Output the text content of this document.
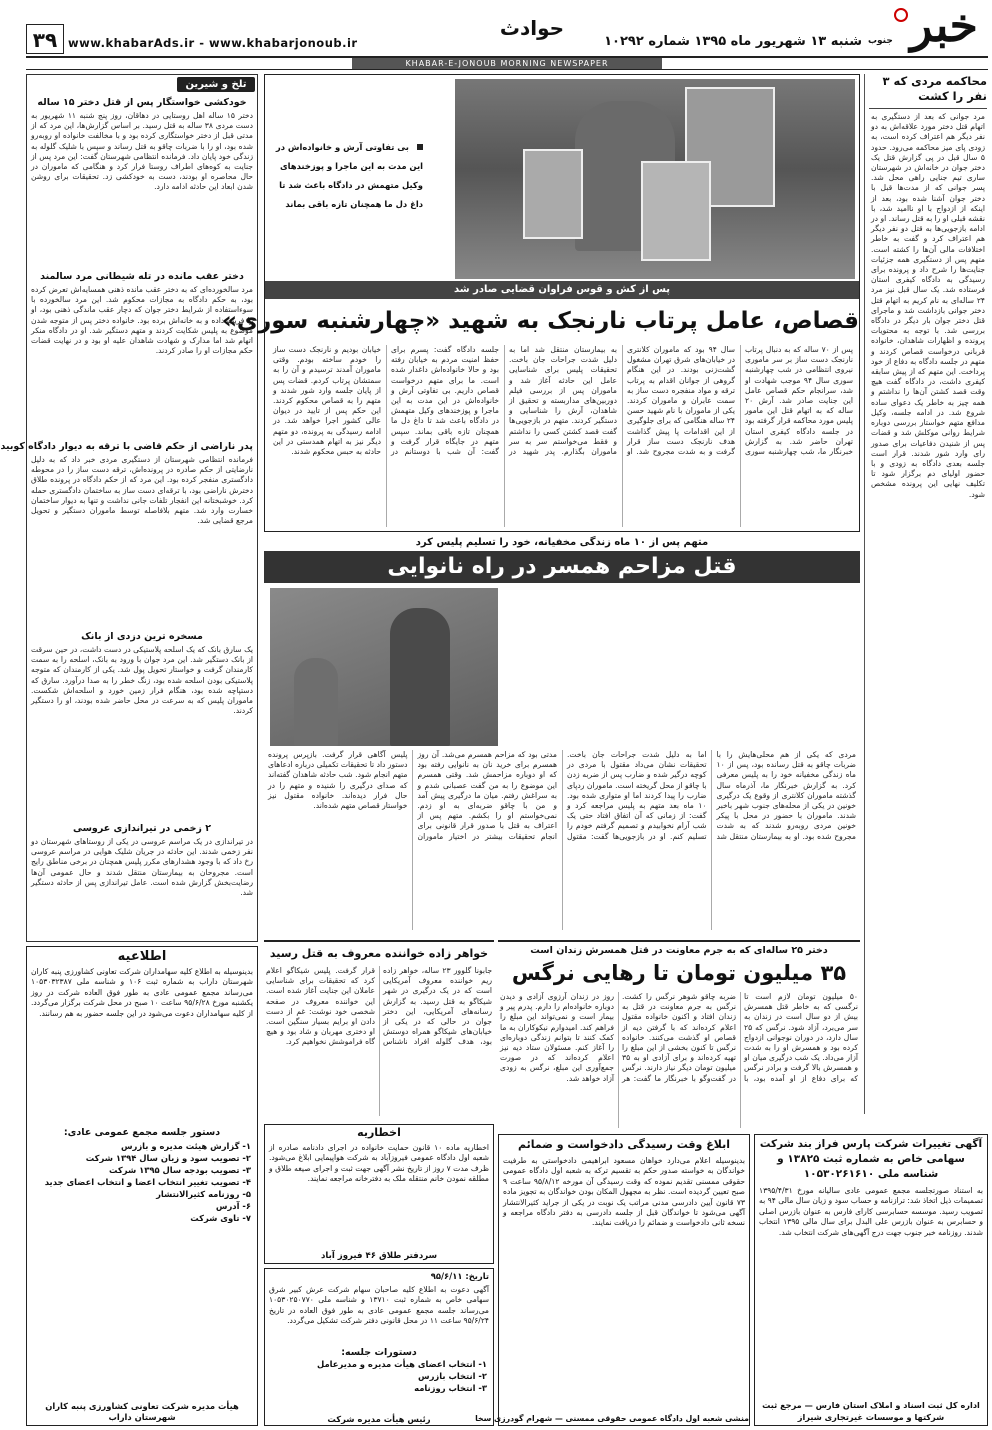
خبر
جنوب
شنبه ۱۳ شهریور ماه ۱۳۹۵ شماره ۱۰۲۹۲
حوادث
www.khabarAds.ir - www.khabarjonoub.ir
۳۹
KHABAR-E-JONOUB MORNING NEWSPAPER
محاکمه مردی که ۳ نفر را کشت
مرد جوانی که بعد از دستگیری به اتهام قتل دختر مورد علاقه‌اش به دو نفر دیگر هم اعتراف کرده است، به زودی پای میز محاکمه می‌رود. حدود ۵ سال قبل در پی گزارش قتل یک دختر جوان در خانه‌اش در شهرستان ساری تیم جنایی راهی محل شد. پسر جوانی که از مدت‌ها قبل با دختر جوان آشنا شده بود، بعد از اینکه از ازدواج با او ناامید شد، با نقشه قبلی او را به قتل رساند. او در ادامه بازجویی‌ها به قتل دو نفر دیگر هم اعتراف کرد و گفت به خاطر اختلافات مالی آن‌ها را کشته است. متهم پس از دستگیری همه جزئیات جنایت‌ها را شرح داد و پرونده برای رسیدگی به دادگاه کیفری استان فرستاده شد. یک سال قبل نیز مرد ۲۴ ساله‌ای به نام کریم به اتهام قتل دختر جوانی بازداشت شد و ماجرای قتل دختر جوان بار دیگر در دادگاه بررسی شد. با توجه به محتویات پرونده و اظهارات شاهدان، خانواده قربانی درخواست قصاص کردند و متهم در جلسه دادگاه به دفاع از خود پرداخت. این متهم که از پیش سابقه کیفری داشت، در دادگاه گفت هیچ وقت قصد کشتن آن‌ها را نداشتم و همه چیز به خاطر یک دعوای ساده شروع شد. در ادامه جلسه، وکیل مدافع متهم خواستار بررسی دوباره شرایط روانی موکلش شد و قضات پس از شنیدن دفاعیات برای صدور رای وارد شور شدند. قرار است جلسه بعدی دادگاه به زودی و با حضور اولیای دم برگزار شود تا تکلیف نهایی این پرونده مشخص شود.
تلخ و شیرین
خودکشی خواستگار پس از قتل دختر ۱۵ ساله
دختر ۱۵ ساله اهل روستایی در دهاقان، روز پنج شنبه ۱۱ شهریور به دست مردی ۳۸ ساله به قتل رسید. بر اساس گزارش‌ها، این مرد که از مدتی قبل از دختر خواستگاری کرده بود و با مخالفت خانواده او روبه‌رو شده بود، او را با ضربات چاقو به قتل رساند و سپس با شلیک گلوله به زندگی خود پایان داد. فرمانده انتظامی شهرستان گفت: این مرد پس از جنایت به کوه‌های اطراف روستا فرار کرد و هنگامی که ماموران در حال محاصره او بودند، دست به خودکشی زد. تحقیقات برای روشن شدن ابعاد این حادثه ادامه دارد.
دختر عقب مانده در تله شیطانی مرد سالمند
مرد سالخورده‌ای که به دختر عقب مانده ذهنی همسایه‌اش تعرض کرده بود، به حکم دادگاه به مجازات محکوم شد. این مرد سالخورده با سوءاستفاده از شرایط دختر جوان که دچار عقب ماندگی ذهنی بود، او را فریب داده و به خانه‌اش برده بود. خانواده دختر پس از متوجه شدن موضوع به پلیس شکایت کردند و متهم دستگیر شد. او در دادگاه منکر اتهام شد اما مدارک و شهادت شاهدان علیه او بود و در نهایت قضات حکم مجازات او را صادر کردند.
پدر ناراضی از حکم قاضی با ترقه به دیوار دادگاه کوبید
فرمانده انتظامی شهرستان از دستگیری مردی خبر داد که به دلیل نارضایتی از حکم صادره در پرونده‌اش، ترقه دست ساز را در محوطه دادگستری منفجر کرده بود. این مرد که از حکم دادگاه در پرونده طلاق دخترش ناراضی بود، با ترقه‌ای دست ساز به ساختمان دادگستری حمله کرد. خوشبختانه این انفجار تلفات جانی نداشت و تنها به دیوار ساختمان خسارت وارد شد. متهم بلافاصله توسط ماموران دستگیر و تحویل مرجع قضایی شد.
مسخره ترین دزدی از بانک
یک سارق بانک که یک اسلحه پلاستیکی در دست داشت، در حین سرقت از بانک دستگیر شد. این مرد جوان با ورود به بانک، اسلحه را به سمت کارمندان گرفت و خواستار تحویل پول شد. یکی از کارمندان که متوجه پلاستیکی بودن اسلحه شده بود، زنگ خطر را به صدا درآورد. سارق که دستپاچه شده بود، هنگام فرار زمین خورد و اسلحه‌اش شکست. ماموران پلیس که به سرعت در محل حاضر شده بودند، او را دستگیر کردند.
۲ زخمی در تیراندازی عروسی
در تیراندازی در یک مراسم عروسی در یکی از روستاهای شهرستان دو نفر زخمی شدند. این حادثه در جریان شلیک هوایی در مراسم عروسی رخ داد که با وجود هشدارهای مکرر پلیس همچنان در برخی مناطق رایج است. مجروحان به بیمارستان منتقل شدند و حال عمومی آن‌ها رضایت‌بخش گزارش شده است. عامل تیراندازی پس از حادثه دستگیر شد.
بی تفاوتی آرش و خانواده‌اش در این مدت به این ماجرا و پوزخندهای وکیل متهمش در دادگاه باعث شد تا داغ دل ما همچنان تازه باقی بماند
پس از کش و قوس فراوان قضایی صادر شد
قصاص، عامل پرتاب نارنجک به شهید «چهارشنبه سوری»
پس از ۷۰ ساله که به دنبال پرتاب نارنجک دست ساز بر سر ماموری نیروی انتظامی در شب چهارشنبه سوری سال ۹۴ موجب شهادت او شد، سرانجام حکم قصاص عامل این جنایت صادر شد. آرش ۲۰ ساله که به اتهام قتل این مامور پلیس مورد محاکمه قرار گرفته بود در جلسه دادگاه کیفری استان تهران حاضر شد. به گزارش خبرنگار ما، شب چهارشنبه سوری سال ۹۴ بود که ماموران کلانتری در خیابان‌های شرق تهران مشغول گشت‌زنی بودند. در این هنگام گروهی از جوانان اقدام به پرتاب ترقه و مواد منفجره دست ساز به سمت عابران و ماموران کردند. یکی از ماموران با نام شهید حسن ۲۴ ساله هنگامی که برای جلوگیری از این اقدامات پا پیش گذاشت هدف نارنجک دست ساز قرار گرفت و به شدت مجروح شد. او به بیمارستان منتقل شد اما به دلیل شدت جراحات جان باخت. تحقیقات پلیس برای شناسایی عامل این حادثه آغاز شد و ماموران پس از بررسی فیلم دوربین‌های مداربسته و تحقیق از شاهدان، آرش را شناسایی و دستگیر کردند. متهم در بازجویی‌ها گفت قصد کشتن کسی را نداشتم و فقط می‌خواستم سر به سر ماموران بگذارم. پدر شهید در جلسه دادگاه گفت: پسرم برای حفظ امنیت مردم به خیابان رفته بود و حالا خانواده‌اش داغدار شده است. ما برای متهم درخواست قصاص داریم. بی تفاوتی آرش و خانواده‌اش در این مدت به این ماجرا و پوزخندهای وکیل متهمش در دادگاه باعث شد تا داغ دل ما همچنان تازه باقی بماند. سپس متهم در جایگاه قرار گرفت و گفت: آن شب با دوستانم در خیابان بودیم و نارنجک دست ساز را خودم ساخته بودم. وقتی ماموران آمدند ترسیدم و آن را به سمتشان پرتاب کردم. قضات پس از پایان جلسه وارد شور شدند و متهم را به قصاص محکوم کردند. این حکم پس از تایید در دیوان عالی کشور اجرا خواهد شد. در ادامه رسیدگی به پرونده، دو متهم دیگر نیز به اتهام همدستی در این حادثه به حبس محکوم شدند.
متهم پس از ۱۰ ماه زندگی مخفیانه، خود را تسلیم پلیس کرد
قتل مزاحم همسر در راه نانوایی
مردی که یکی از هم محلی‌هایش را با ضربات چاقو به قتل رسانده بود، پس از ۱۰ ماه زندگی مخفیانه خود را به پلیس معرفی کرد. به گزارش خبرنگار ما، آذرماه سال گذشته ماموران کلانتری از وقوع یک درگیری خونین در یکی از محله‌های جنوب شهر باخبر شدند. ماموران با حضور در محل با پیکر خونین مردی روبه‌رو شدند که به شدت مجروح شده بود. او به بیمارستان منتقل شد اما به دلیل شدت جراحات جان باخت. تحقیقات نشان می‌داد مقتول با مردی در کوچه درگیر شده و ضارب پس از ضربه زدن با چاقو از محل گریخته است. ماموران ردپای ضارب را پیدا کردند اما او متواری شده بود. ۱۰ ماه بعد متهم به پلیس مراجعه کرد و گفت: از زمانی که آن اتفاق افتاد حتی یک شب آرام نخوابیدم و تصمیم گرفتم خودم را تسلیم کنم. او در بازجویی‌ها گفت: مقتول مدتی بود که مزاحم همسرم می‌شد. آن روز همسرم برای خرید نان به نانوایی رفته بود که او دوباره مزاحمش شد. وقتی همسرم این موضوع را به من گفت عصبانی شدم و به سراغش رفتم. میان ما درگیری پیش آمد و من با چاقو ضربه‌ای به او زدم. نمی‌خواستم او را بکشم. متهم پس از اعتراف به قتل با صدور قرار قانونی برای انجام تحقیقات بیشتر در اختیار ماموران پلیس آگاهی قرار گرفت. بازپرس پرونده دستور داد تا تحقیقات تکمیلی درباره ادعاهای متهم انجام شود. شب حادثه شاهدان گفته‌اند که صدای درگیری را شنیده و متهم را در حال فرار دیده‌اند. خانواده مقتول نیز خواستار قصاص متهم شده‌اند.
دختر ۲۵ ساله‌ای که به جرم معاونت در قتل همسرش زندان است
۳۵ میلیون تومان تا رهایی نرگس
۵۰ میلیون تومان لازم است تا نرگسی که به خاطر قتل همسرش بیش از دو سال است در زندان به سر می‌برد، آزاد شود. نرگس که ۲۵ سال دارد، در دوران نوجوانی ازدواج کرده بود و همسرش او را به شدت آزار می‌داد. یک شب درگیری میان او و همسرش بالا گرفت و برادر نرگس که برای دفاع از او آمده بود، با ضربه چاقو شوهر نرگس را کشت. نرگس به جرم معاونت در قتل به زندان افتاد و اکنون خانواده مقتول اعلام کرده‌اند که با گرفتن دیه از قصاص او گذشت می‌کنند. خانواده نرگس تا کنون بخشی از این مبلغ را تهیه کرده‌اند و برای آزادی او به ۳۵ میلیون تومان دیگر نیاز دارند. نرگس در گفت‌وگو با خبرنگار ما گفت: هر روز در زندان آرزوی آزادی و دیدن دوباره خانواده‌ام را دارم. پدرم پیر و بیمار است و نمی‌تواند این مبلغ را فراهم کند. امیدوارم نیکوکاران به ما کمک کنند تا بتوانم زندگی دوباره‌ای را آغاز کنم. مسئولان ستاد دیه نیز اعلام کرده‌اند که در صورت جمع‌آوری این مبلغ، نرگس به زودی آزاد خواهد شد.
خواهر زاده خواننده معروف به قتل رسید
جابونا گلوور ۲۳ ساله، خواهر زاده ریم خواننده معروف آمریکایی است که در یک درگیری در شهر شیکاگو به قتل رسید. به گزارش رسانه‌های آمریکایی، این دختر جوان در حالی که در یکی از خیابان‌های شیکاگو همراه دوستش بود، هدف گلوله افراد ناشناس قرار گرفت. پلیس شیکاگو اعلام کرد که تحقیقات برای شناسایی عاملان این جنایت آغاز شده است. این خواننده معروف در صفحه شخصی خود نوشت: غم از دست دادن او برایم بسیار سنگین است. او دختری مهربان و شاد بود و هیچ گاه فراموشش نخواهیم کرد.
اطلاعیه
بدینوسیله به اطلاع کلیه سهامداران شرکت تعاونی کشاورزی پنبه کاران شهرستان داراب به شماره ثبت ۱۰۶ و شناسه ملی ۱۰۵۳۰۳۲۳۸۷ می‌رساند مجمع عمومی عادی به طور فوق العاده شرکت در روز یکشنبه مورخ ۹۵/۶/۲۸ ساعت ۱۰ صبح در محل شرکت برگزار می‌گردد. از کلیه سهامداران دعوت می‌شود در این جلسه حضور به هم رسانند.
دستور جلسه مجمع عمومی عادی:
۱- گزارش هیئت مدیره و بازرس
۲- تصویب سود و زیان سال ۱۳۹۴ شرکت
۳- تصویب بودجه سال ۱۳۹۵ شرکت
۴- تصویب تغییر انتخاب اعضا و انتخاب اعضای جدید
۵- روزنامه کثیرالانتشار
۶- آدرس
۷- تاوی شرکت
هیأت مدیره شرکت تعاونی کشاورزی پنبه کاران شهرستان داراب
اخطاریه
اخطاریه ماده ۱۰ قانون حمایت خانواده در اجرای دادنامه صادره از شعبه اول دادگاه عمومی فیروزآباد به شرکت هواپیمایی ابلاغ می‌شود. ظرف مدت ۷ روز از تاریخ نشر آگهی جهت ثبت و اجرای صیغه طلاق و مطلقه نمودن خانم منتقله ملک به دفترخانه مراجعه نمایند.
سردفتر طلاق ۴۶ فیروز آباد
تاریخ: ۹۵/۶/۱۱
آگهی دعوت به اطلاع کلیه صاحبان سهام شرکت عرش کبیر شرق سهامی خاص به شماره ثبت ۱۳۷۱۰ و شناسه ملی ۱۰۵۳۰۲۵۰۷۷۰ می‌رساند جلسه مجمع عمومی عادی به طور فوق العاده در تاریخ ۹۵/۶/۲۴ ساعت ۱۱ در محل قانونی دفتر شرکت تشکیل می‌گردد.
دستورات جلسه:
۱- انتخاب اعضای هیأت مدیره و مدیرعامل
۲- انتخاب بازرس
۳- انتخاب روزنامه
رئیس هیأت مدیره شرکت
ابلاغ وقت رسیدگی دادخواست و ضمائم
بدینوسیله اعلام می‌دارد خواهان مسعود ابراهیمی دادخواستی به طرفیت خواندگان به خواسته صدور حکم به تقسیم ترکه به شعبه اول دادگاه عمومی حقوقی ممسنی تقدیم نموده که وقت رسیدگی آن مورخه ۹۵/۸/۱۲ ساعت ۹ صبح تعیین گردیده است. نظر به مجهول المکان بودن خواندگان به تجویز ماده ۷۳ قانون آیین دادرسی مدنی مراتب یک نوبت در یکی از جراید کثیرالانتشار آگهی می‌شود تا خواندگان قبل از جلسه دادرسی به دفتر دادگاه مراجعه و نسخه ثانی دادخواست و ضمائم را دریافت نمایند.
منشی شعبه اول دادگاه عمومی حقوقی ممسنی — شهرام گودرزی سخا
آگهی تغییرات شرکت پارس فراز بند شرکت سهامی خاص به شماره ثبت ۱۳۸۲۵ و شناسه ملی ۱۰۵۳۰۲۶۱۶۱۰
به استناد صورتجلسه مجمع عمومی عادی سالیانه مورخ ۱۳۹۵/۴/۳۱ تصمیمات ذیل اتخاذ شد: ترازنامه و حساب سود و زیان سال مالی ۹۴ به تصویب رسید. موسسه حسابرسی کارای فارس به عنوان بازرس اصلی و حسابرس به عنوان بازرس علی البدل برای سال مالی ۱۳۹۵ انتخاب شدند. روزنامه خبر جنوب جهت درج آگهی‌های شرکت انتخاب شد.
اداره کل ثبت اسناد و املاک استان فارس — مرجع ثبت شرکتها و موسسات غیرتجاری شیراز
